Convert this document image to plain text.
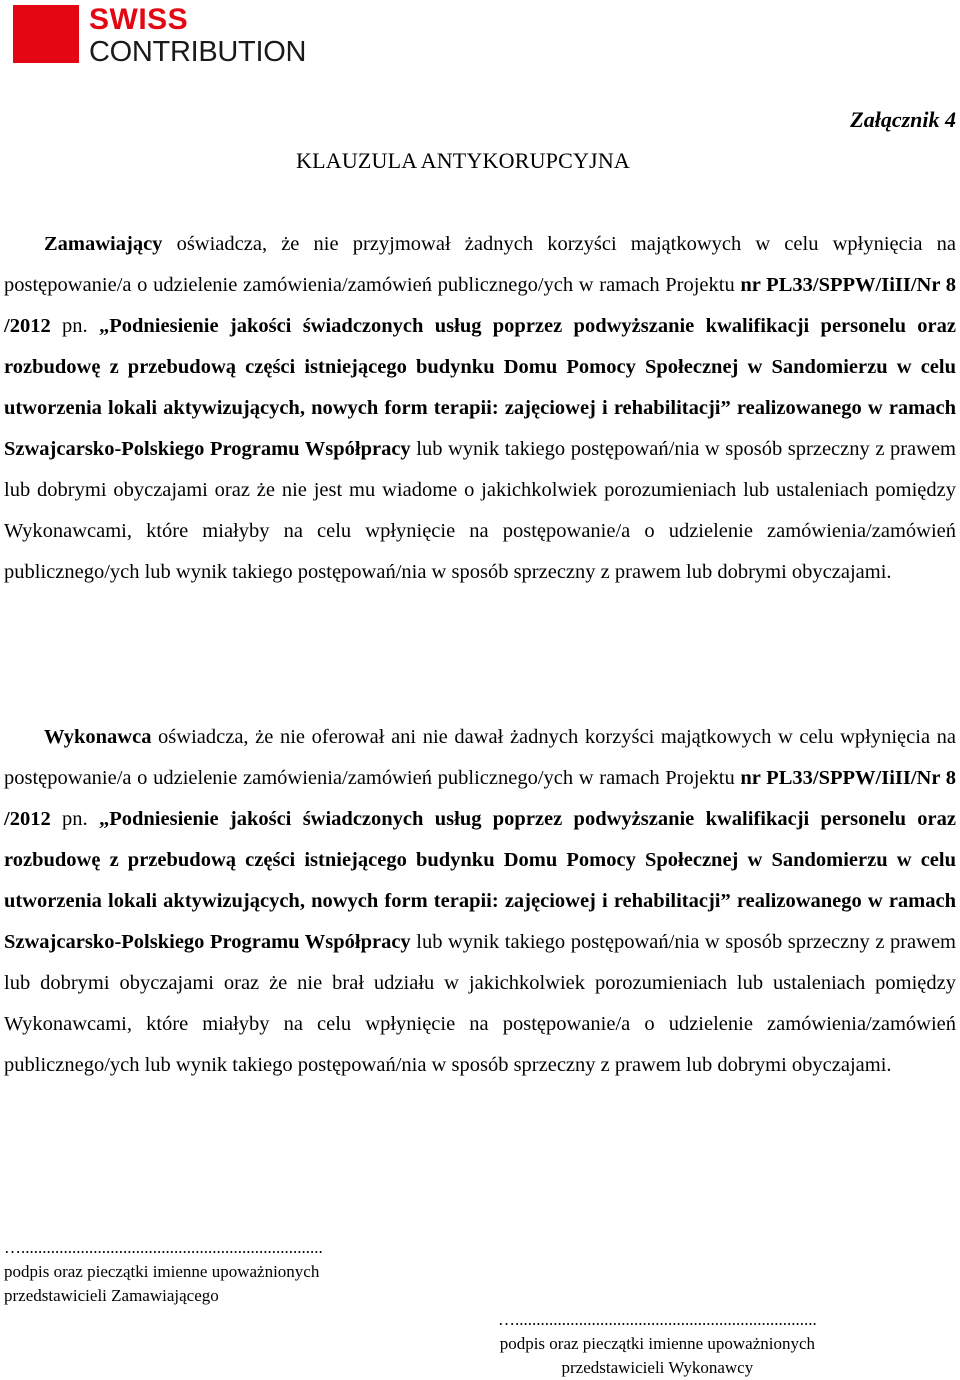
SWISS
CONTRIBUTION
Załącznik 4
KLAUZULA ANTYKORUPCYJNA

Zamawiający oświadcza, że nie przyjmował żadnych korzyści majątkowych w celu wpłynięcia na postępowanie/a o udzielenie zamówienia/zamówień publicznego/ych w ramach Projektu nr PL33/SPPW/IiII/Nr 8 /2012 pn. „Podniesienie jakości świadczonych usług poprzez podwyższanie kwalifikacji personelu oraz rozbudowę z przebudową części istniejącego budynku Domu Pomocy Społecznej w Sandomierzu w celu utworzenia lokali aktywizujących, nowych form terapii: zajęciowej i rehabilitacji” realizowanego w ramach Szwajcarsko-Polskiego Programu Współpracy lub wynik takiego postępowań/nia w sposób sprzeczny z prawem lub dobrymi obyczajami oraz że nie jest mu wiadome o jakichkolwiek porozumieniach lub ustaleniach pomiędzy Wykonawcami, które miałyby na celu wpłynięcie na postępowanie/a o udzielenie zamówienia/zamówień publicznego/ych lub wynik takiego postępowań/nia w sposób sprzeczny z prawem lub dobrymi obyczajami.

Wykonawca oświadcza, że nie oferował ani nie dawał żadnych korzyści majątkowych w celu wpłynięcia na postępowanie/a o udzielenie zamówienia/zamówień publicznego/ych w ramach Projektu nr PL33/SPPW/IiII/Nr 8 /2012 pn. „Podniesienie jakości świadczonych usług poprzez podwyższanie kwalifikacji personelu oraz rozbudowę z przebudową części istniejącego budynku Domu Pomocy Społecznej w Sandomierzu w celu utworzenia lokali aktywizujących, nowych form terapii: zajęciowej i rehabilitacji” realizowanego w ramach Szwajcarsko-Polskiego Programu Współpracy lub wynik takiego postępowań/nia w sposób sprzeczny z prawem lub dobrymi obyczajami oraz że nie brał udziału w jakichkolwiek porozumieniach lub ustaleniach pomiędzy Wykonawcami, które miałyby na celu wpłynięcie na postępowanie/a o udzielenie zamówienia/zamówień publicznego/ych lub wynik takiego postępowań/nia w sposób sprzeczny z prawem lub dobrymi obyczajami.

….......................................................................
podpis oraz pieczątki imienne upoważnionych
przedstawicieli Zamawiającego
….......................................................................
podpis oraz pieczątki imienne upoważnionych
przedstawicieli Wykonawcy
